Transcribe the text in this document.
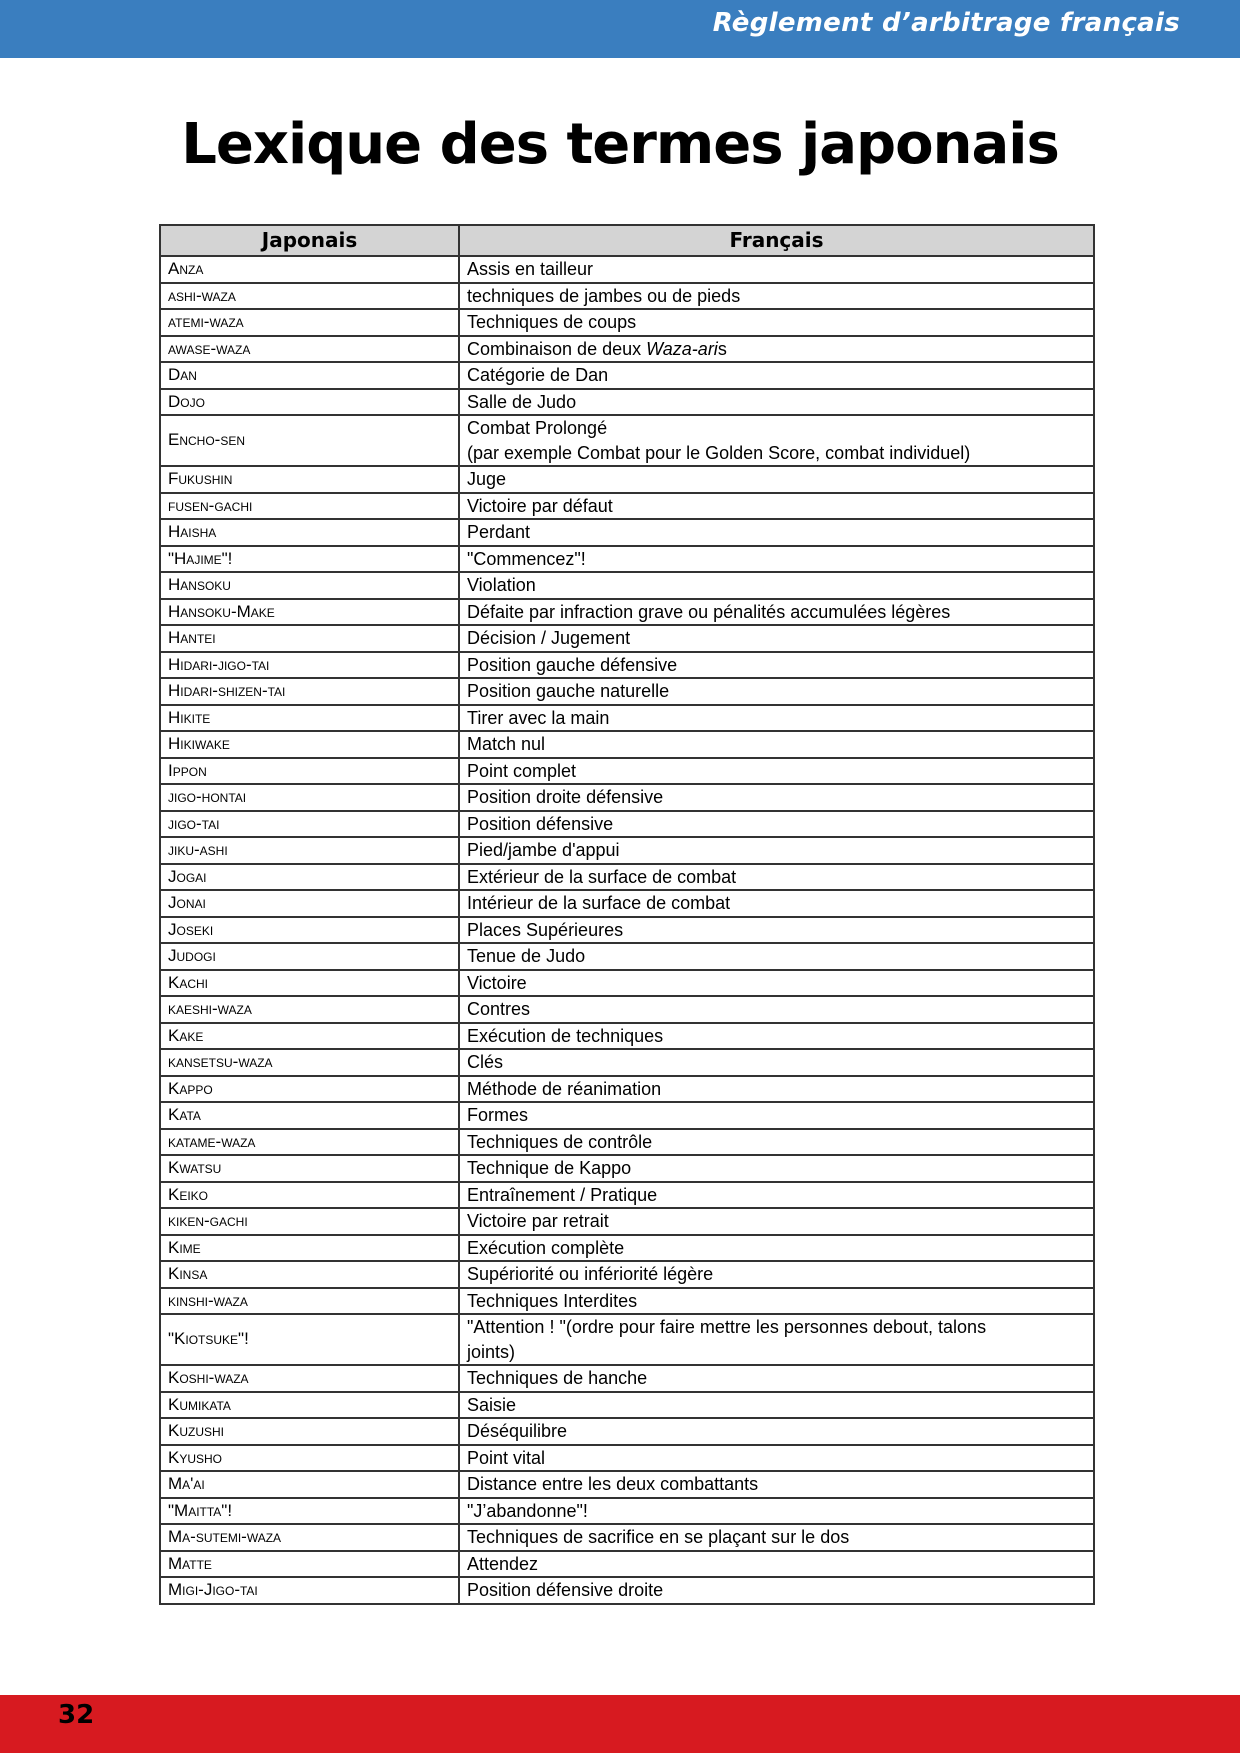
Règlement d’arbitrage français
Lexique des termes japonais
Japonais	Français
Anza	Assis en tailleur
ashi-waza	techniques de jambes ou de pieds
atemi-waza	Techniques de coups
awase-waza	Combinaison de deux Waza-aris
Dan	Catégorie de Dan
Dojo	Salle de Judo
Encho-sen	Combat Prolongé
(par exemple Combat pour le Golden Score, combat individuel)
Fukushin	Juge
fusen-gachi	Victoire par défaut
Haisha	Perdant
"Hajime"!	"Commencez"!
Hansoku	Violation
Hansoku-Make	Défaite par infraction grave ou pénalités accumulées légères
Hantei	Décision / Jugement
Hidari-jigo-tai	Position gauche défensive
Hidari-shizen-tai	Position gauche naturelle
Hikite	Tirer avec la main
Hikiwake	Match nul
Ippon	Point complet
jigo-hontai	Position droite défensive
jigo-tai	Position défensive
jiku-ashi	Pied/jambe d'appui
Jogai	Extérieur de la surface de combat
Jonai	Intérieur de la surface de combat
Joseki	Places Supérieures
Judogi	Tenue de Judo
Kachi	Victoire
kaeshi-waza	Contres
Kake	Exécution de techniques
kansetsu-waza	Clés
Kappo	Méthode de réanimation
Kata	Formes
katame-waza	Techniques de contrôle
Kwatsu	Technique de Kappo
Keiko	Entraînement / Pratique
kiken-gachi	Victoire par retrait
Kime	Exécution complète
Kinsa	Supériorité ou infériorité légère
kinshi-waza	Techniques Interdites
"Kiotsuke"!	"Attention ! "(ordre pour faire mettre les personnes debout, talons
joints)
Koshi-waza	Techniques de hanche
Kumikata	Saisie
Kuzushi	Déséquilibre
Kyusho	Point vital
Ma'ai	Distance entre les deux combattants
"Maitta"!	"J’abandonne"!
Ma-sutemi-waza	Techniques de sacrifice en se plaçant sur le dos
Matte	Attendez
Migi-Jigo-tai	Position défensive droite
32
